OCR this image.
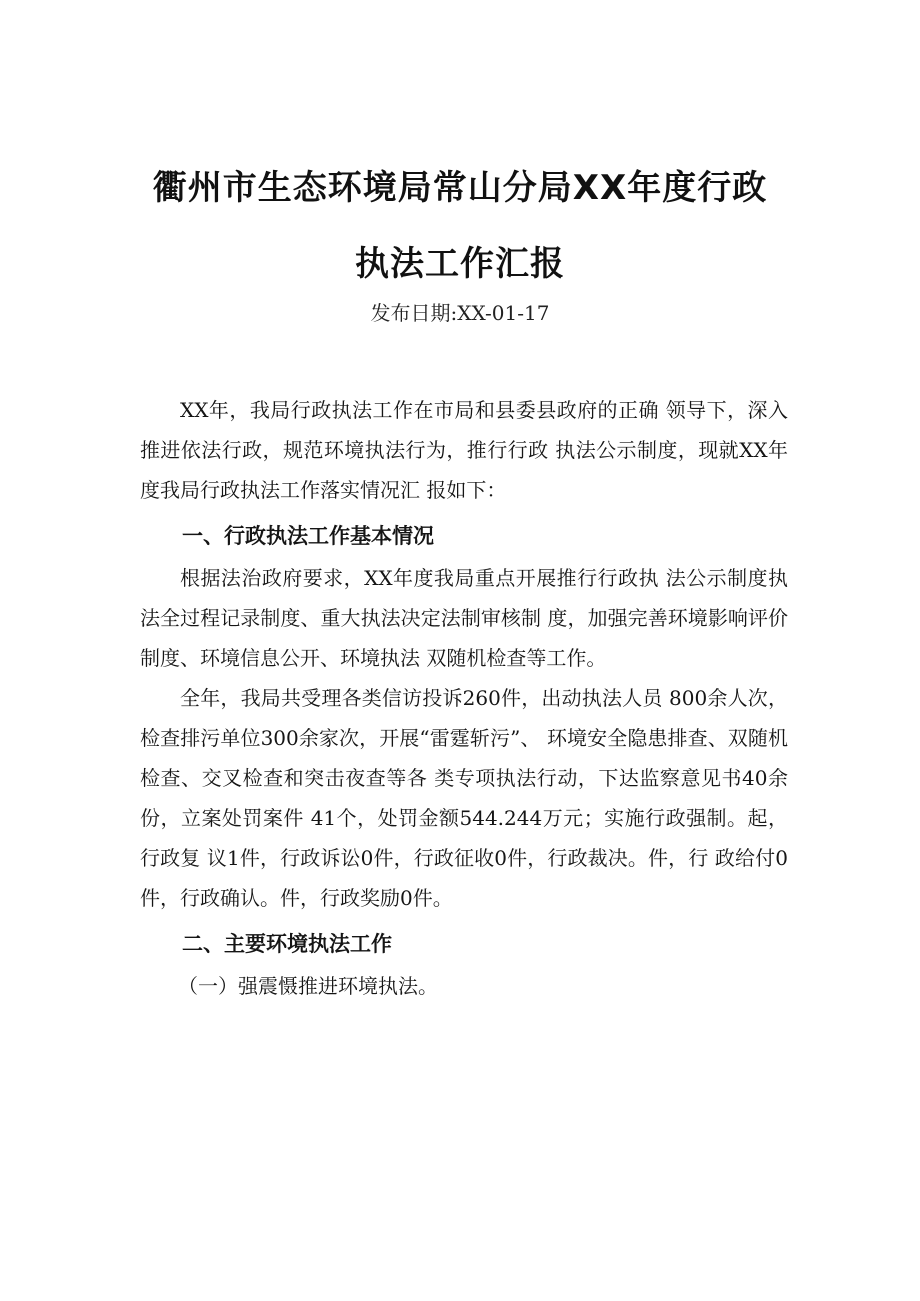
衢州市生态环境局常山分局XX年度行政
执法工作汇报
发布日期:XX-01-17

XX年，我局行政执法工作在市局和县委县政府的正确 领导下，深入推进依法行政，规范环境执法行为，推行行政 执法公示制度，现就XX年度我局行政执法工作落实情况汇 报如下：

一、行政执法工作基本情况

根据法治政府要求，XX年度我局重点开展推行行政执 法公示制度执法全过程记录制度、重大执法决定法制审核制 度，加强完善环境影响评价制度、环境信息公开、环境执法 双随机检查等工作。

全年，我局共受理各类信访投诉260件，出动执法人员 800余人次，检查排污单位300余家次，开展“雷霆斩污”、 环境安全隐患排查、双随机检查、交叉检查和突击夜查等各 类专项执法行动，下达监察意见书40余份，立案处罚案件 41个，处罚金额544.244万元；实施行政强制。起，行政复 议1件，行政诉讼0件，行政征收0件，行政裁决。件，行 政给付0件，行政确认。件，行政奖励0件。

二、主要环境执法工作

（一）强震慑推进环境执法。
